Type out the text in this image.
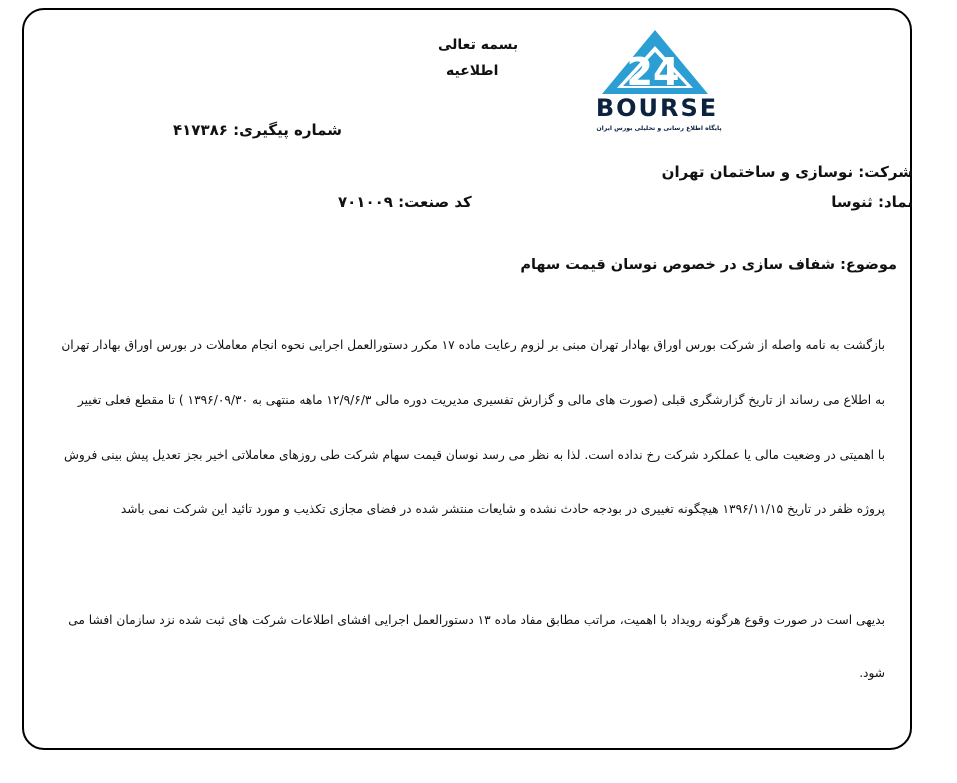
بسمه تعالی
اطلاعیه
شماره پیگیری: ۴۱۷۳۸۶
24
BOURSE
پایگاه اطلاع رسانی و تحلیلی بورس ایران
شرکت: نوسازی و ساختمان تهران
نماد: ثنوسا
کد صنعت: ۷۰۱۰۰۹
موضوع: شفاف سازی در خصوص نوسان قیمت سهام
بازگشت به نامه واصله از شرکت بورس اوراق بهادار تهران مبنی بر لزوم رعایت ماده ۱۷ مکرر دستورالعمل اجرایی نحوه انجام معاملات در بورس اوراق بهادار تهران
به اطلاع می رساند از تاریخ گزارشگری قبلی (صورت های مالی و گزارش تفسیری مدیریت دوره مالی ۱۲/۹/۶/۳ ماهه منتهی به ۱۳۹۶/۰۹/۳۰ ) تا مقطع فعلی تغییر
با اهمیتی در وضعیت مالی یا عملکرد شرکت رخ نداده است. لذا به نظر می رسد نوسان قیمت سهام شرکت طی روزهای معاملاتی اخیر بجز تعدیل پیش بینی فروش
پروژه ظفر در تاریخ ۱۳۹۶/۱۱/۱۵ هیچگونه تغییری در بودجه حادث نشده و شایعات منتشر شده در فضای مجازی تکذیب و مورد تائید این شرکت نمی باشد
بدیهی است در صورت وقوع هرگونه رویداد با اهمیت، مراتب مطابق مفاد ماده ۱۳ دستورالعمل اجرایی افشای اطلاعات شرکت های ثبت شده نزد سازمان افشا می
شود.
